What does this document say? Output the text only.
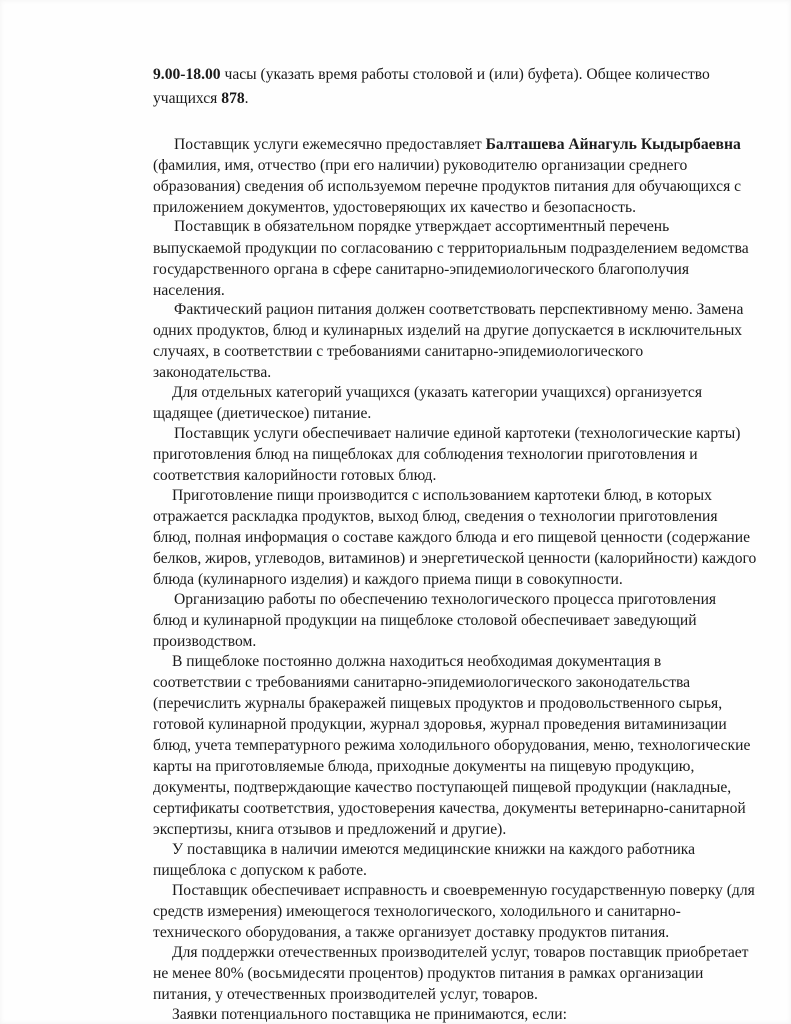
9.00-18.00 часы (указать время работы столовой и (или) буфета). Общее количество
учащихся 878.
Поставщик услуги ежемесячно предоставляет Балташева Айнагуль Кыдырбаевна
(фамилия, имя, отчество (при его наличии) руководителю организации среднего
образования) сведения об используемом перечне продуктов питания для обучающихся с
приложением документов, удостоверяющих их качество и безопасность.
Поставщик в обязательном порядке утверждает ассортиментный перечень
выпускаемой продукции по согласованию с территориальным подразделением ведомства
государственного органа в сфере санитарно-эпидемиологического благополучия
населения.
Фактический рацион питания должен соответствовать перспективному меню. Замена
одних продуктов, блюд и кулинарных изделий на другие допускается в исключительных
случаях, в соответствии с требованиями санитарно-эпидемиологического
законодательства.
Для отдельных категорий учащихся (указать категории учащихся) организуется
щадящее (диетическое) питание.
Поставщик услуги обеспечивает наличие единой картотеки (технологические карты)
приготовления блюд на пищеблоках для соблюдения технологии приготовления и
соответствия калорийности готовых блюд.
Приготовление пищи производится с использованием картотеки блюд, в которых
отражается раскладка продуктов, выход блюд, сведения о технологии приготовления
блюд, полная информация о составе каждого блюда и его пищевой ценности (содержание
белков, жиров, углеводов, витаминов) и энергетической ценности (калорийности) каждого
блюда (кулинарного изделия) и каждого приема пищи в совокупности.
Организацию работы по обеспечению технологического процесса приготовления
блюд и кулинарной продукции на пищеблоке столовой обеспечивает заведующий
производством.
В пищеблоке постоянно должна находиться необходимая документация в
соответствии с требованиями санитарно-эпидемиологического законодательства
(перечислить журналы бракеражей пищевых продуктов и продовольственного сырья,
готовой кулинарной продукции, журнал здоровья, журнал проведения витаминизации
блюд, учета температурного режима холодильного оборудования, меню, технологические
карты на приготовляемые блюда, приходные документы на пищевую продукцию,
документы, подтверждающие качество поступающей пищевой продукции (накладные,
сертификаты соответствия, удостоверения качества, документы ветеринарно-санитарной
экспертизы, книга отзывов и предложений и другие).
У поставщика в наличии имеются медицинские книжки на каждого работника
пищеблока с допуском к работе.
Поставщик обеспечивает исправность и своевременную государственную поверку (для
средств измерения) имеющегося технологического, холодильного и санитарно-
технического оборудования, а также организует доставку продуктов питания.
Для поддержки отечественных производителей услуг, товаров поставщик приобретает
не менее 80% (восьмидесяти процентов) продуктов питания в рамках организации
питания, у отечественных производителей услуг, товаров.
Заявки потенциального поставщика не принимаются, если:
